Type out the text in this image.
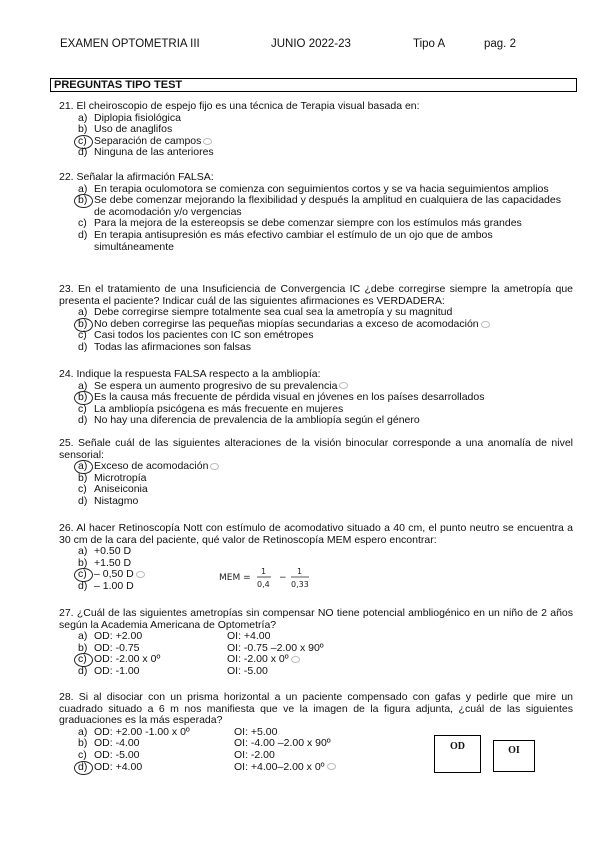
EXAMEN OPTOMETRIA III	JUNIO 2022-23	Tipo A	pag. 2
PREGUNTAS TIPO TEST
21. El cheiroscopio de espejo fijo es una técnica de Terapia visual basada en:
a) Diplopia fisiológica
b) Uso de anaglifos
c) Separación de campos
d) Ninguna de las anteriores
22. Señalar la afirmación FALSA:
a) En terapia oculomotora se comienza con seguimientos cortos y se va hacia seguimientos amplios
b) Se debe comenzar mejorando la flexibilidad y después la amplitud en cualquiera de las capacidades de acomodación y/o vergencias
c) Para la mejora de la estereopsis se debe comenzar siempre con los estímulos más grandes
d) En terapia antisupresión es más efectivo cambiar el estímulo de un ojo que de ambos simultáneamente
23. En el tratamiento de una Insuficiencia de Convergencia IC ¿debe corregirse siempre la ametropía que presenta el paciente? Indicar cuál de las siguientes afirmaciones es VERDADERA:
a) Debe corregirse siempre totalmente sea cual sea la ametropía y su magnitud
b) No deben corregirse las pequeñas miopías secundarias a exceso de acomodación
c) Casi todos los pacientes con IC son emétropes
d) Todas las afirmaciones son falsas
24. Indique la respuesta FALSA respecto a la ambliopía:
a) Se espera un aumento progresivo de su prevalencia
b) Es la causa más frecuente de pérdida visual en jóvenes en los países desarrollados
c) La ambliopía psicógena es más frecuente en mujeres
d) No hay una diferencia de prevalencia de la ambliopía según el género
25. Señale cuál de las siguientes alteraciones de la visión binocular corresponde a una anomalía de nivel sensorial:
a) Exceso de acomodación
b) Microtropía
c) Aniseiconia
d) Nistagmo
26. Al hacer Retinoscopía Nott con estímulo de acomodativo situado a 40 cm, el punto neutro se encuentra a 30 cm de la cara del paciente, qué valor de Retinoscopía MEM espero encontrar:
a) +0.50 D
b) +1.50 D
c) – 0,50 D
d) – 1.00 D
27. ¿Cuál de las siguientes ametropías sin compensar NO tiene potencial ambliogénico en un niño de 2 años según la Academia Americana de Optometría?
a) OD: +2.00	OI: +4.00
b) OD: -0.75	OI: -0.75 –2.00 x 90º
c) OD: -2.00 x 0º	OI: -2.00 x 0º
d) OD: -1.00	OI: -5.00
28. Si al disociar con un prisma horizontal a un paciente compensado con gafas y pedirle que mire un cuadrado situado a 6 m nos manifiesta que ve la imagen de la figura adjunta, ¿cuál de las siguientes graduaciones es la más esperada?
a) OD: +2.00 -1.00 x 0º	OI: +5.00
b) OD: -4.00	OI: -4.00 –2.00 x 90º
c) OD: -5.00	OI: -2.00
d) OD: +4.00	OI: +4.00–2.00 x 0º
MEM =
1
0,4
−
1
0,33
OD	OI
